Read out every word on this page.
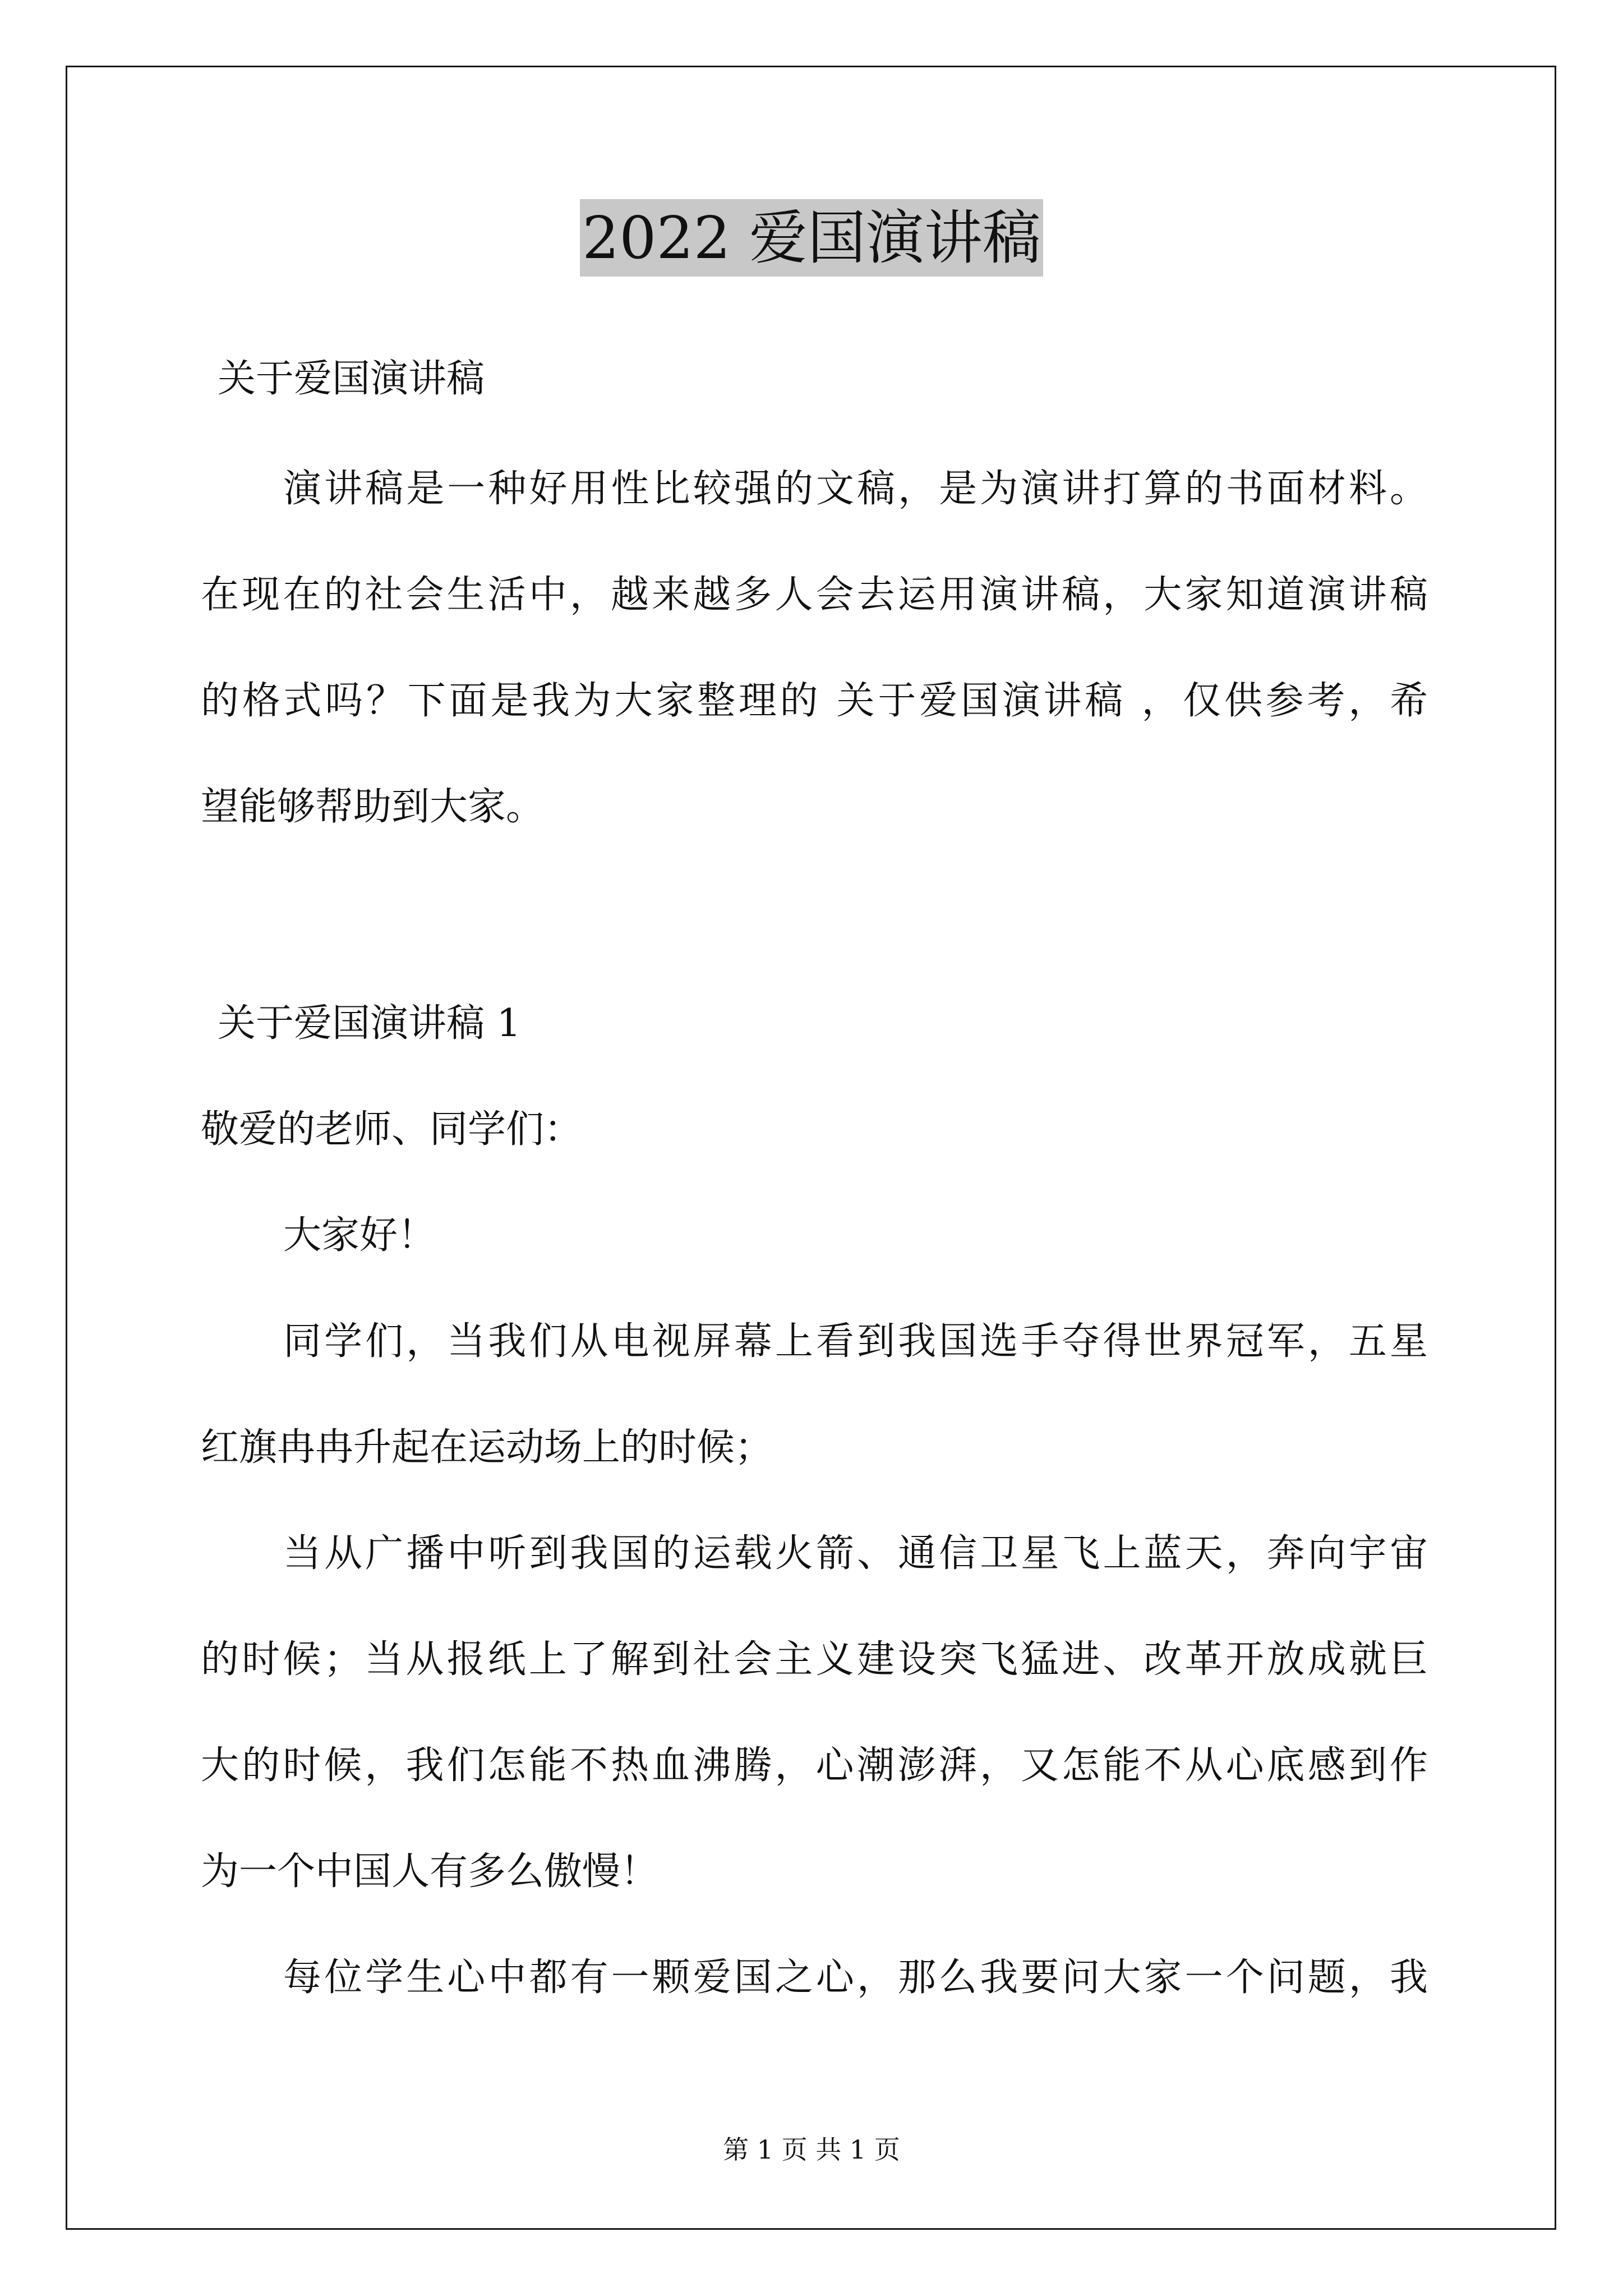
2022 爱国演讲稿
关于爱国演讲稿
演讲稿是一种好用性比较强的文稿，是为演讲打算的书面材料。
在现在的社会生活中，越来越多人会去运用演讲稿，大家知道演讲稿
的格式吗？下面是我为大家整理的 关于爱国演讲稿 ，仅供参考，希
望能够帮助到大家。
关于爱国演讲稿 1
敬爱的老师、同学们：
大家好！
同学们，当我们从电视屏幕上看到我国选手夺得世界冠军，五星
红旗冉冉升起在运动场上的时候；
当从广播中听到我国的运载火箭、通信卫星飞上蓝天，奔向宇宙
的时候；当从报纸上了解到社会主义建设突飞猛进、改革开放成就巨
大的时候，我们怎能不热血沸腾，心潮澎湃，又怎能不从心底感到作
为一个中国人有多么傲慢！
每位学生心中都有一颗爱国之心，那么我要问大家一个问题，我
第 1 页 共 1 页
